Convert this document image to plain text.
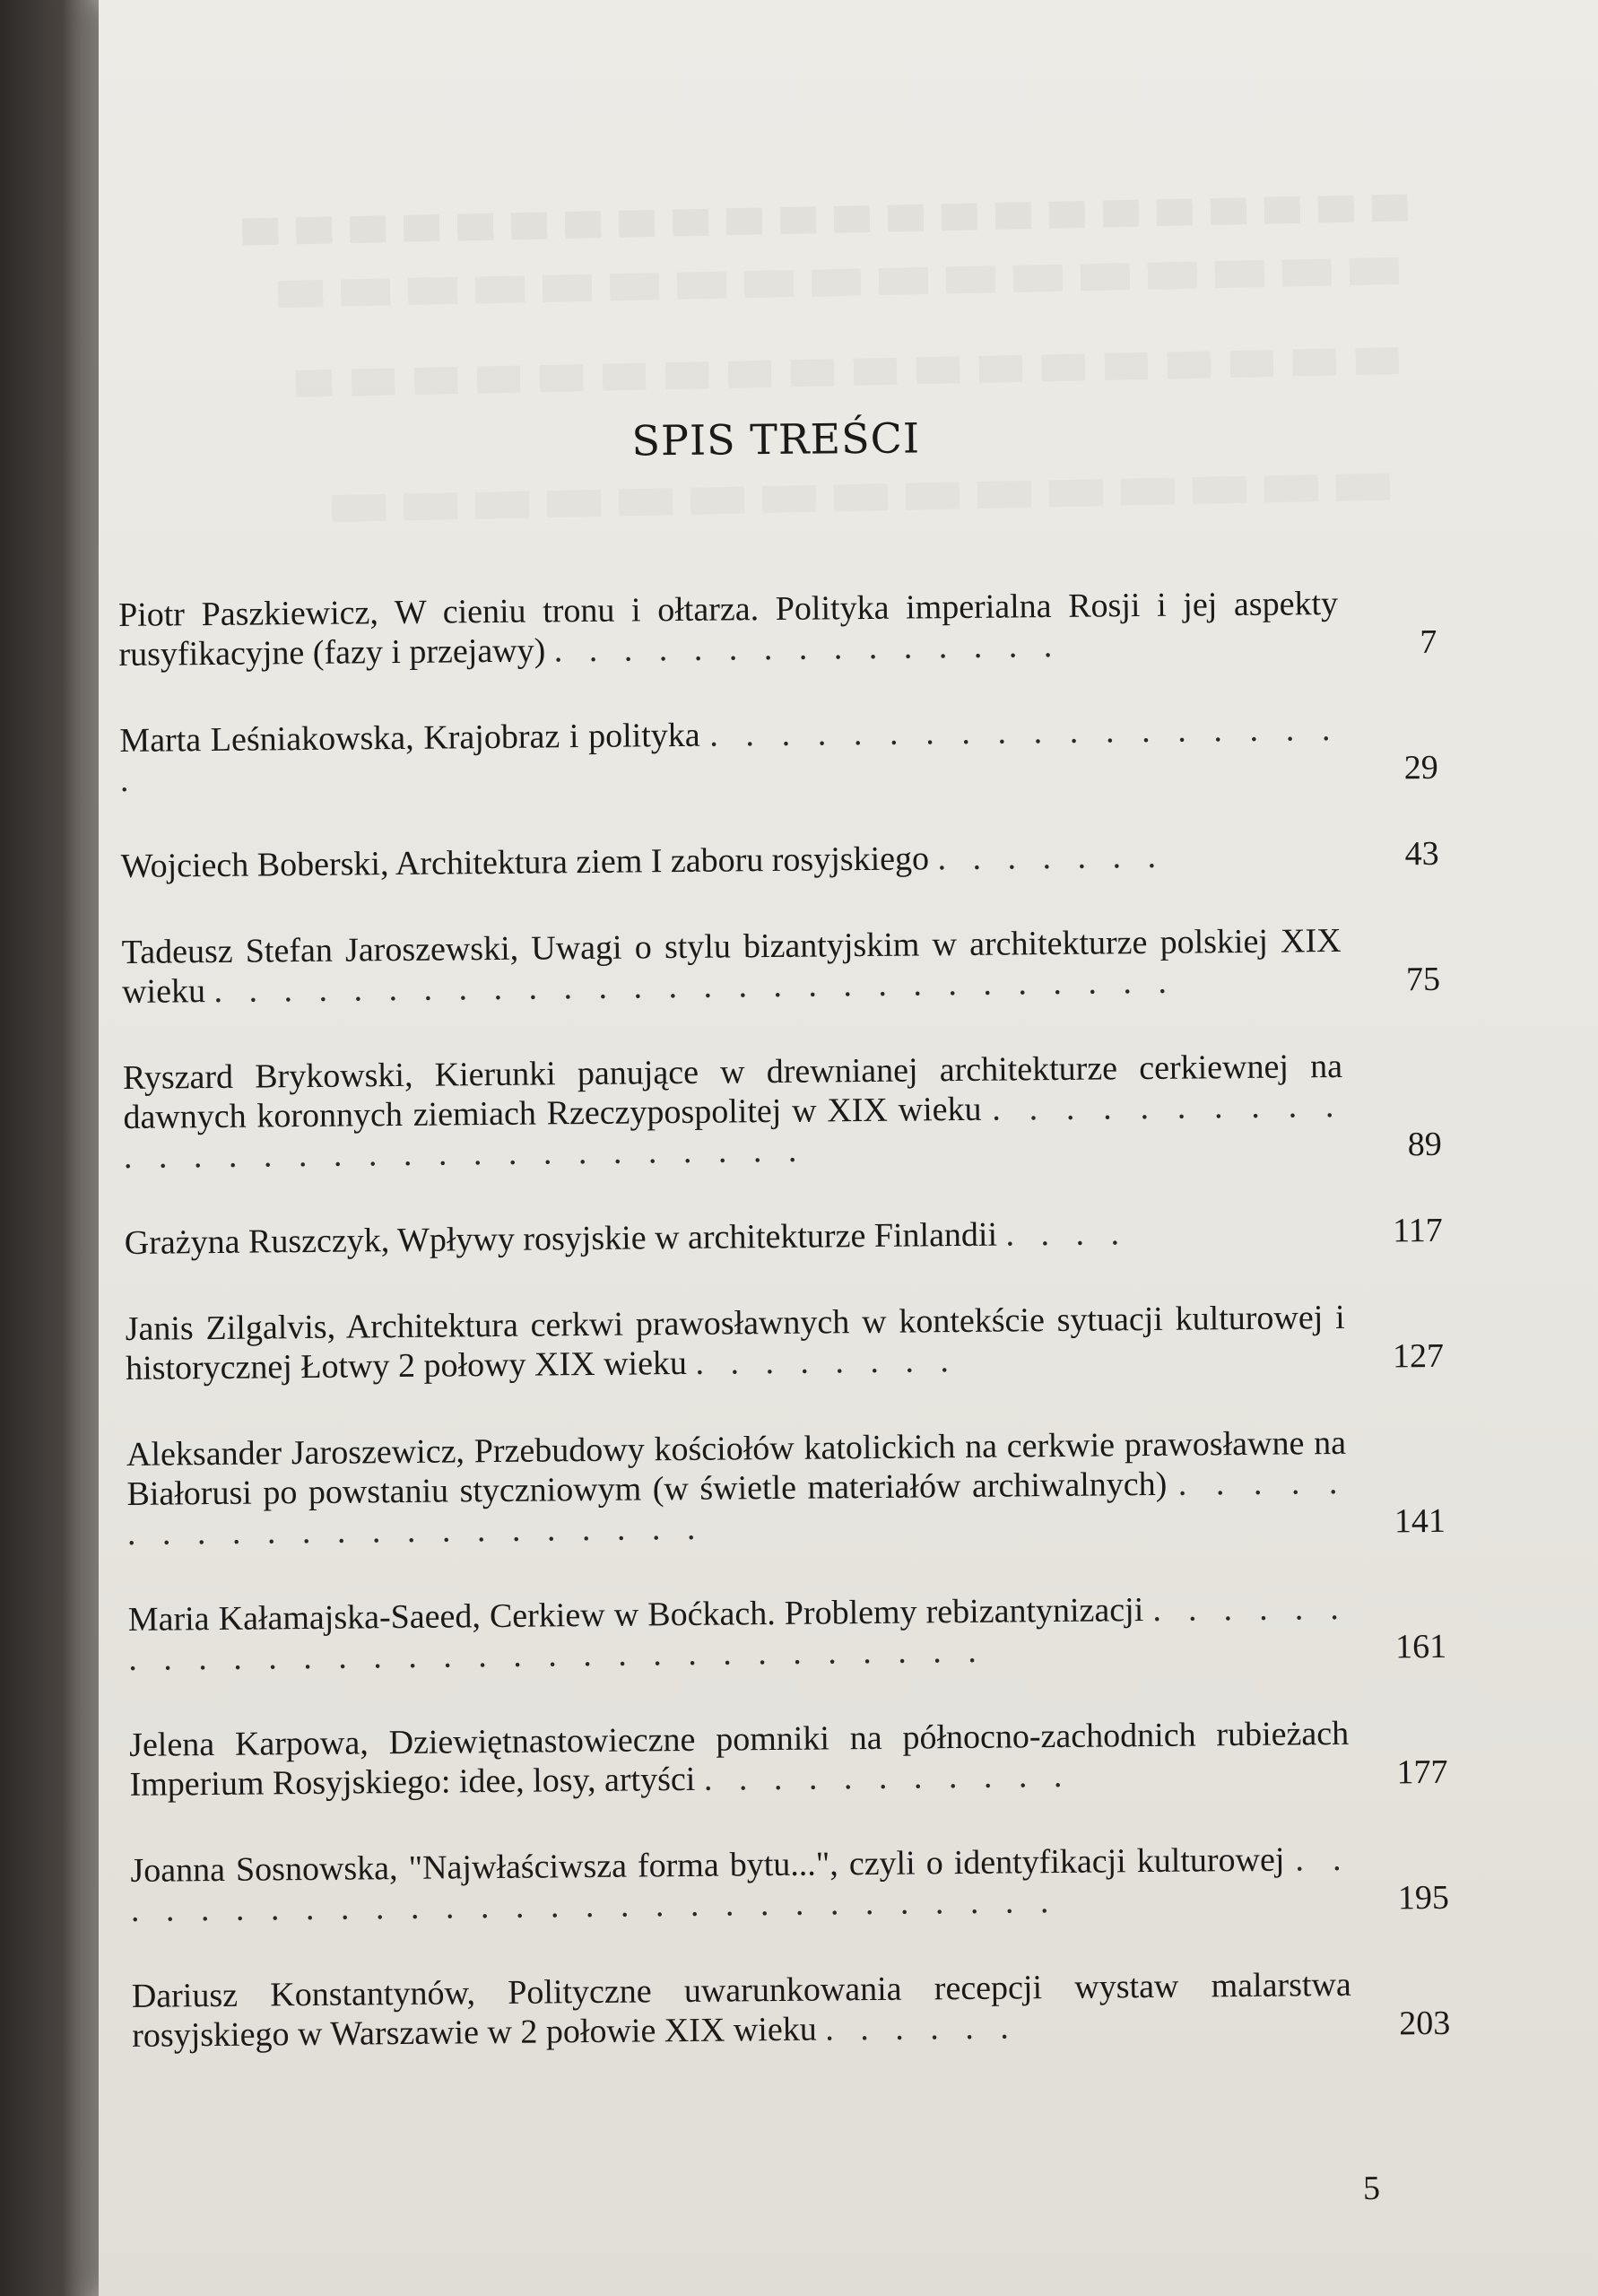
SPIS TREŚCI
Piotr Paszkiewicz, W cieniu tronu i ołtarza. Polityka imperialna Rosji i jej aspekty rusyfikacyjne (fazy i przejawy) . . . . . . . . . . . . . . .	7
Marta Leśniakowska, Krajobraz i polityka . . . . . . . . . . . . . . . . . . .	29
Wojciech Boberski, Architektura ziem I zaboru rosyjskiego . . . . . . .	43
Tadeusz Stefan Jaroszewski, Uwagi o stylu bizantyjskim w architekturze polskiej XIX wieku . . . . . . . . . . . . . . . . . . . . . . . . . . . .	75
Ryszard Brykowski, Kierunki panujące w drewnianej architekturze cerkiewnej na dawnych koronnych ziemiach Rzeczypospolitej w XIX wieku . . . . . . . . . . . . . . . . . . . . . . . . . . . . . .	89
Grażyna Ruszczyk, Wpływy rosyjskie w architekturze Finlandii . . . .	117
Janis Zilgalvis, Architektura cerkwi prawosławnych w kontekście sytuacji kulturowej i historycznej Łotwy 2 połowy XIX wieku . . . . . . . .	127
Aleksander Jaroszewicz, Przebudowy kościołów katolickich na cerkwie prawosławne na Białorusi po powstaniu styczniowym (w świetle materiałów archiwalnych) . . . . . . . . . . . . . . . . . . . . . .	141
Maria Kałamajska-Saeed, Cerkiew w Boćkach. Problemy rebizantynizacji . . . . . . . . . . . . . . . . . . . . . . . . . . . . . . .	161
Jelena Karpowa, Dziewiętnastowieczne pomniki na północno-zachodnich rubieżach Imperium Rosyjskiego: idee, losy, artyści . . . . . . . . . . .	177
Joanna Sosnowska, "Najwłaściwsza forma bytu...", czyli o identyfikacji kulturowej . . . . . . . . . . . . . . . . . . . . . . . . . . . . .	195
Dariusz Konstantynów, Polityczne uwarunkowania recepcji wystaw malarstwa rosyjskiego w Warszawie w 2 połowie XIX wieku . . . . . .	203
5
